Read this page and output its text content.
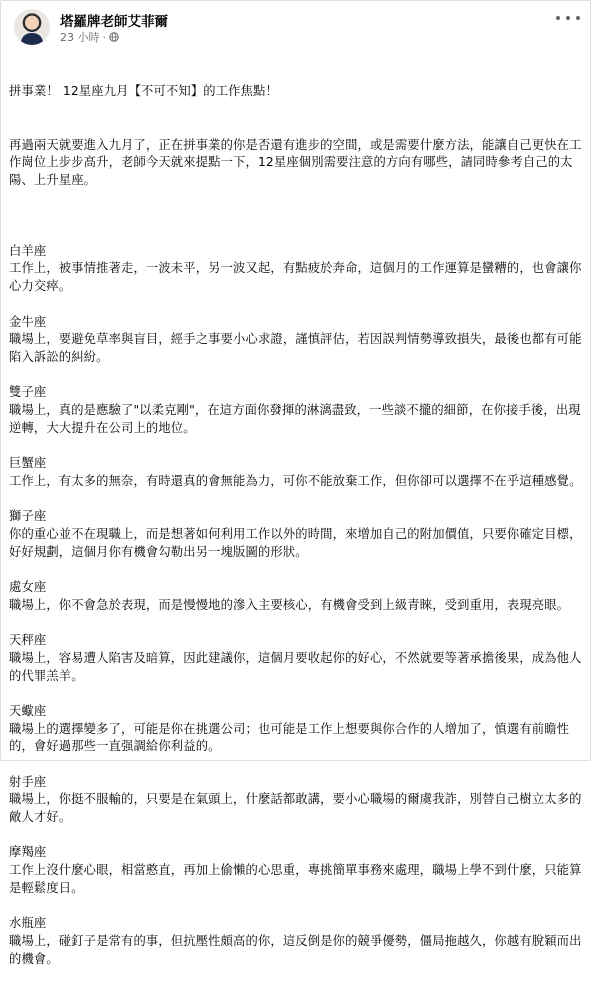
塔羅牌老師艾菲爾
23 小時 ·

拼事業！ 12星座九月【不可不知】的工作焦點！

再過兩天就要進入九月了，正在拼事業的你是否還有進步的空間，或是需要什麼方法，能讓自己更快在工作崗位上步步高升，老師今天就來提點一下，12星座個別需要注意的方向有哪些，請同時參考自己的太陽、上升星座。

白羊座

工作上，被事情推著走，一波未平，另一波又起，有點疲於奔命，這個月的工作運算是蠻糟的，也會讓你心力交瘁。

金牛座

職場上，要避免草率與盲目，經手之事要小心求證，謹慎評估，若因誤判情勢導致損失，最後也都有可能陷入訴訟的糾紛。

雙子座

職場上，真的是應驗了"以柔克剛"，在這方面你發揮的淋漓盡致，一些談不攏的細節，在你接手後，出現逆轉，大大提升在公司上的地位。

巨蟹座

工作上，有太多的無奈，有時還真的會無能為力，可你不能放棄工作，但你卻可以選擇不在乎這種感覺。

獅子座

你的重心並不在現職上，而是想著如何利用工作以外的時間，來增加自己的附加價值，只要你確定目標，好好規劃，這個月你有機會勾勒出另一塊版圖的形狀。

處女座

職場上，你不會急於表現，而是慢慢地的滲入主要核心，有機會受到上級青睞，受到重用，表現亮眼。

天秤座

職場上，容易遭人陷害及暗算，因此建議你，這個月要收起你的好心，不然就要等著承擔後果，成為他人的代罪羔羊。

天蠍座

職場上的選擇變多了，可能是你在挑選公司；也可能是工作上想要與你合作的人增加了，慎選有前瞻性的，會好過那些一直强調給你利益的。

射手座

職場上，你挺不服輸的，只要是在氣頭上，什麼話都敢講，要小心職場的爾虞我詐，別替自己樹立太多的敵人才好。

摩羯座

工作上沒什麼心眼，相當憨直，再加上偷懶的心思重，專挑簡單事務來處理，職場上學不到什麼，只能算是輕鬆度日。

水瓶座

職場上，碰釘子是常有的事，但抗壓性頗高的你，這反倒是你的競爭優勢，僵局拖越久，你越有脫穎而出的機會。
